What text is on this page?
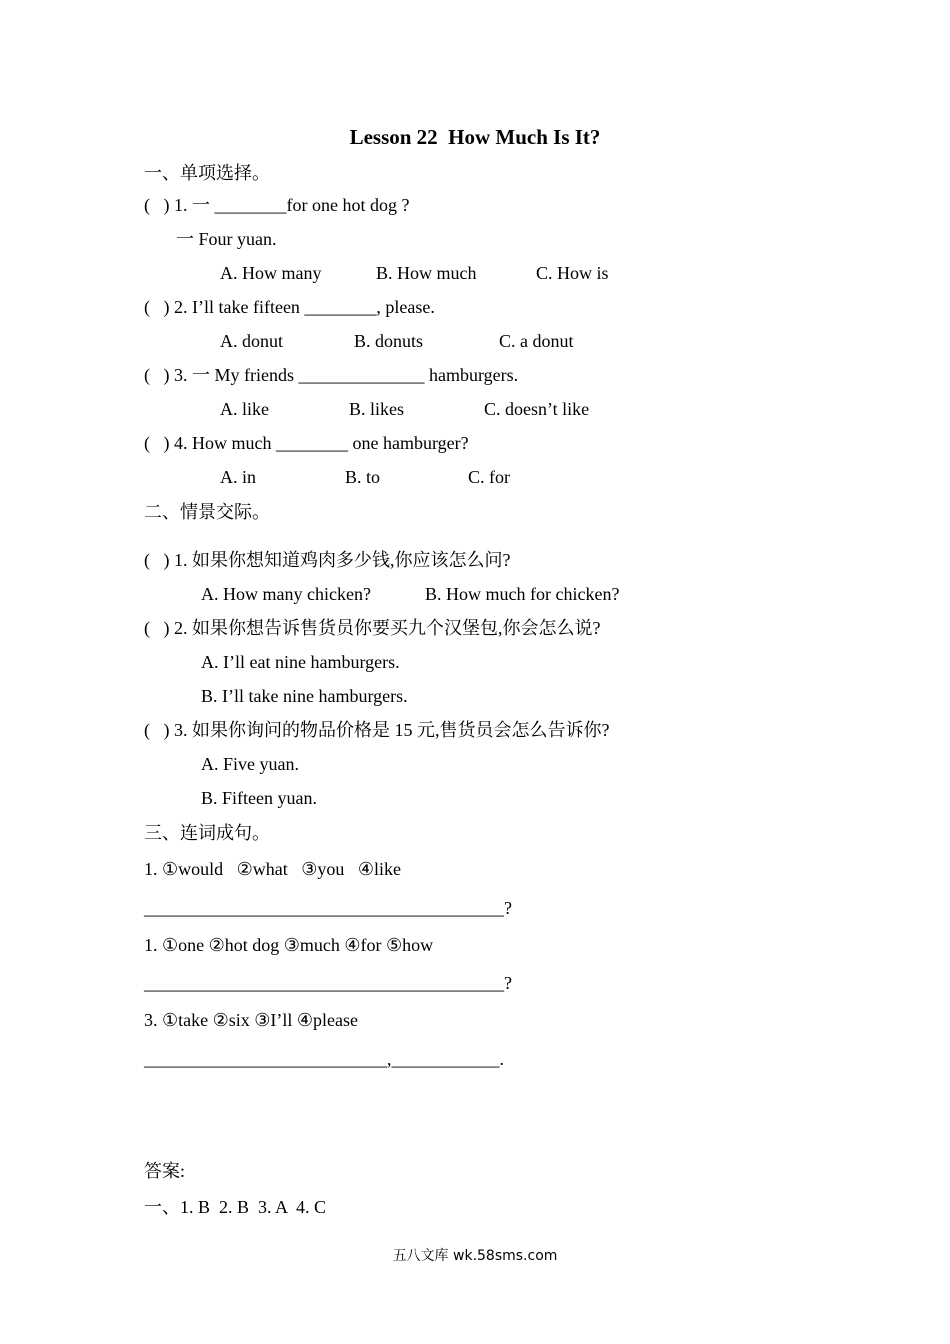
Lesson 22  How Much Is It?
一、单项选择。
(   ) 1. 一 ________for one hot dog ?
一 Four yuan.
A. How many	B. How much	C. How is
(   ) 2. I’ll take fifteen ________, please.
A. donut	B. donuts	C. a donut
(   ) 3. 一 My friends ______________ hamburgers.
A. like	B. likes	C. doesn’t like
(   ) 4. How much ________ one hamburger?
A. in	B. to	C. for
二、情景交际。
(   ) 1. 如果你想知道鸡肉多少钱,你应该怎么问?
A. How many chicken?	B. How much for chicken?
(   ) 2. 如果你想告诉售货员你要买九个汉堡包,你会怎么说?
A. I’ll eat nine hamburgers.
B. I’ll take nine hamburgers.
(   ) 3. 如果你询问的物品价格是 15 元,售货员会怎么告诉你?
A. Five yuan.
B. Fifteen yuan.
三、连词成句。
1. ①would   ②what   ③you   ④like
________________________________________?
1. ①one ②hot dog ③much ④for ⑤how
________________________________________?
3. ①take ②six ③I’ll ④please
___________________________,____________.
答案:
一、1. B  2. B  3. A  4. C
五八文库 wk.58sms.com
